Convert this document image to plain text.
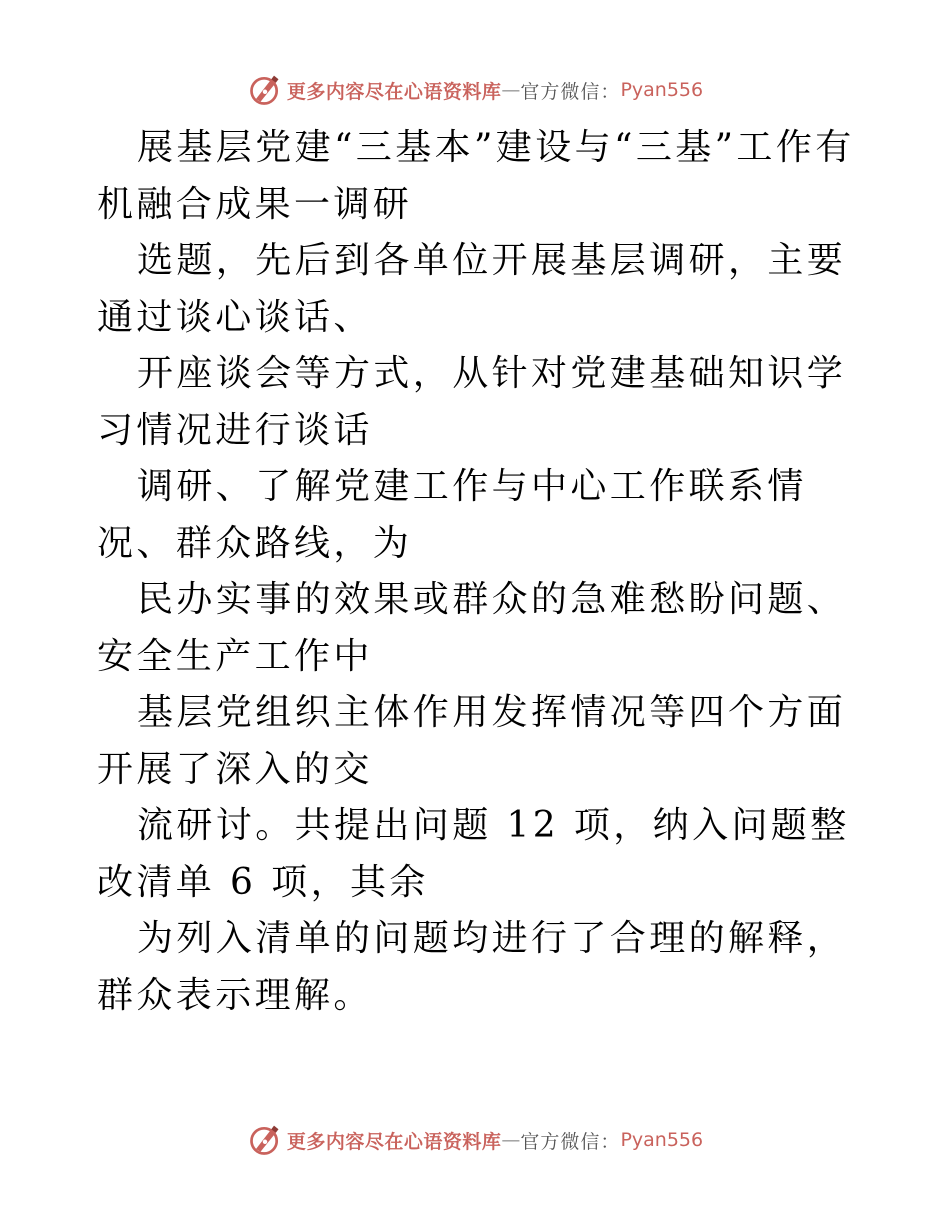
更多内容尽在心语资料库 — 官方微信： Pyan556

展基层党建“三基本”建设与“三基”工作有机融合成果一调研

选题，先后到各单位开展基层调研，主要通过谈心谈话、

开座谈会等方式，从针对党建基础知识学习情况进行谈话

调研、了解党建工作与中心工作联系情况、群众路线，为

民办实事的效果或群众的急难愁盼问题、安全生产工作中

基层党组织主体作用发挥情况等四个方面开展了深入的交

流研讨。共提出问题 12 项，纳入问题整改清单 6 项，其余

为列入清单的问题均进行了合理的解释，群众表示理解。

更多内容尽在心语资料库 — 官方微信： Pyan556
